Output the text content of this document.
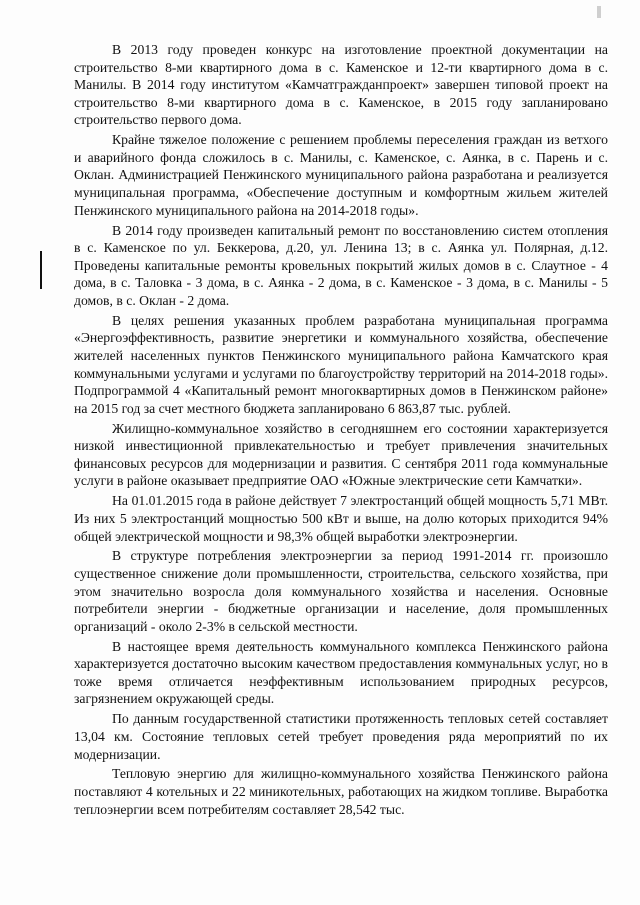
В 2013 году проведен конкурс на изготовление проектной документации на строительство 8-ми квартирного дома в с. Каменское и 12-ти квартирного дома в с. Манилы. В 2014 году институтом «Камчатгражданпроект» завершен типовой проект на строительство 8-ми квартирного дома в с. Каменское, в 2015 году запланировано строительство первого дома.

Крайне тяжелое положение с решением проблемы переселения граждан из ветхого и аварийного фонда сложилось в с. Манилы, с. Каменское, с. Аянка, в с. Парень и с. Оклан. Администрацией Пенжинского муниципального района разработана и реализуется муниципальная программа, «Обеспечение доступным и комфортным жильем жителей Пенжинского муниципального района на 2014-2018 годы».

В 2014 году произведен капитальный ремонт по восстановлению систем отопления в с. Каменское по ул. Беккерова, д.20, ул. Ленина 13; в с. Аянка ул. Полярная, д.12. Проведены капитальные ремонты кровельных покрытий жилых домов в с. Слаутное - 4 дома, в с. Таловка - 3 дома, в с. Аянка - 2 дома, в с. Каменское - 3 дома, в с. Манилы - 5 домов, в с. Оклан - 2 дома.

В целях решения указанных проблем разработана муниципальная программа «Энергоэффективность, развитие энергетики и коммунального хозяйства, обеспечение жителей населенных пунктов Пенжинского муниципального района Камчатского края коммунальными услугами и услугами по благоустройству территорий на 2014-2018 годы». Подпрограммой 4 «Капитальный ремонт многоквартирных домов в Пенжинском районе» на 2015 год за счет местного бюджета запланировано 6 863,87 тыс. рублей.

Жилищно-коммунальное хозяйство в сегодняшнем его состоянии характеризуется низкой инвестиционной привлекательностью и требует привлечения значительных финансовых ресурсов для модернизации и развития. С сентября 2011 года коммунальные услуги в районе оказывает предприятие ОАО «Южные электрические сети Камчатки».

На 01.01.2015 года в районе действует 7 электростанций общей мощность 5,71 МВт. Из них 5 электростанций мощностью 500 кВт и выше, на долю которых приходится 94% общей электрической мощности и 98,3% общей выработки электроэнергии.

В структуре потребления электроэнергии за период 1991-2014 гг. произошло существенное снижение доли промышленности, строительства, сельского хозяйства, при этом значительно возросла доля коммунального хозяйства и населения. Основные потребители энергии - бюджетные организации и население, доля промышленных организаций - около 2-3% в сельской местности.

В настоящее время деятельность коммунального комплекса Пенжинского района характеризуется достаточно высоким качеством предоставления коммунальных услуг, но в тоже время отличается неэффективным использованием природных ресурсов, загрязнением окружающей среды.

По данным государственной статистики протяженность тепловых сетей составляет 13,04 км. Состояние тепловых сетей требует проведения ряда мероприятий по их модернизации.

Тепловую энергию для жилищно-коммунального хозяйства Пенжинского района поставляют 4 котельных и 22 миникотельных, работающих на жидком топливе. Выработка теплоэнергии всем потребителям составляет 28,542 тыс.
